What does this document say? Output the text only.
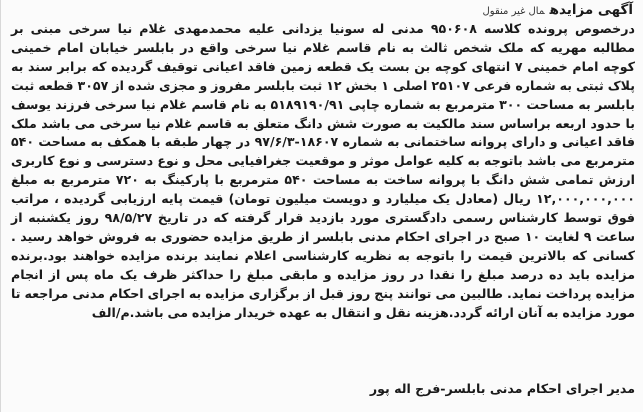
آگهی مزایدهمال غیر منقول

درخصوص پرونده کلاسه ۹۵۰۶۰۸ مدنی له سونیا یزدانی علیه محمدمهدی غلام نیا سرخی مبنی بر مطالبه مهریه که ملک شخص ثالث به نام قاسم غلام نیا سرخی واقع در بابلسر خیابان امام خمینی کوچه امام خمینی ۷ انتهای کوچه بن بست یک قطعه زمین فاقد اعیانی توقیف گردیده که برابر سند به پلاک ثبتی به شماره فرعی ۲۵۱۰۷ اصلی ۱ بخش ۱۲ ثبت بابلسر مفروز و مجزی شده از ۳۰۵۷ قطعه ثبت بابلسر به مساحت ۳۰۰ مترمربع به شماره چاپی ۵۱۸۹۱۹۰/۹۱ به نام قاسم غلام نیا سرخی فرزند یوسف با حدود اربعه براساس سند مالکیت به صورت شش دانگ متعلق به قاسم غلام نیا سرخی می باشد ملک فاقد اعیانی و دارای پروانه ساختمانی به شماره ۱۸۶۰۷-۹۷/۶/۳ در چهار طبقه با همکف به مساحت ۵۴۰ مترمربع می باشد باتوجه به کلیه عوامل موثر و موقعیت جغرافیایی محل و نوع دسترسی و نوع کاربری ارزش تمامی شش دانگ با پروانه ساخت به مساحت ۵۴۰ مترمربع با پارکینگ به ۷۲۰ مترمربع به مبلغ ۱۲,۰۰۰,۰۰۰,۰۰۰ ریال (معادل یک میلیارد و دویست میلیون تومان) قیمت پایه ارزیابی گردیده ، مراتب فوق توسط کارشناس رسمی دادگستری مورد بازدید قرار گرفته که در تاریخ ۹۸/۵/۲۷ روز یکشنبه از ساعت ۹ لغایت ۱۰ صبح در اجرای احکام مدنی بابلسر از طریق مزایده حضوری به فروش خواهد رسید . کسانی که بالاترین قیمت را باتوجه به نظریه کارشناسی اعلام نمایند برنده مزایده خواهند بود.برنده مزایده باید ده درصد مبلغ را نقدا در روز مزایده و مابقی مبلغ را حداکثر ظرف یک ماه پس از انجام مزایده پرداخت نماید. طالبین می توانند پنج روز قبل از برگزاری مزایده به اجرای احکام مدنی مراجعه تا مورد مزایده به آنان ارائه گردد.هزینه نقل و انتقال به عهده خریدار مزایده می باشد.م/الف

مدیر اجرای احکام مدنی بابلسر-فرج اله پور
